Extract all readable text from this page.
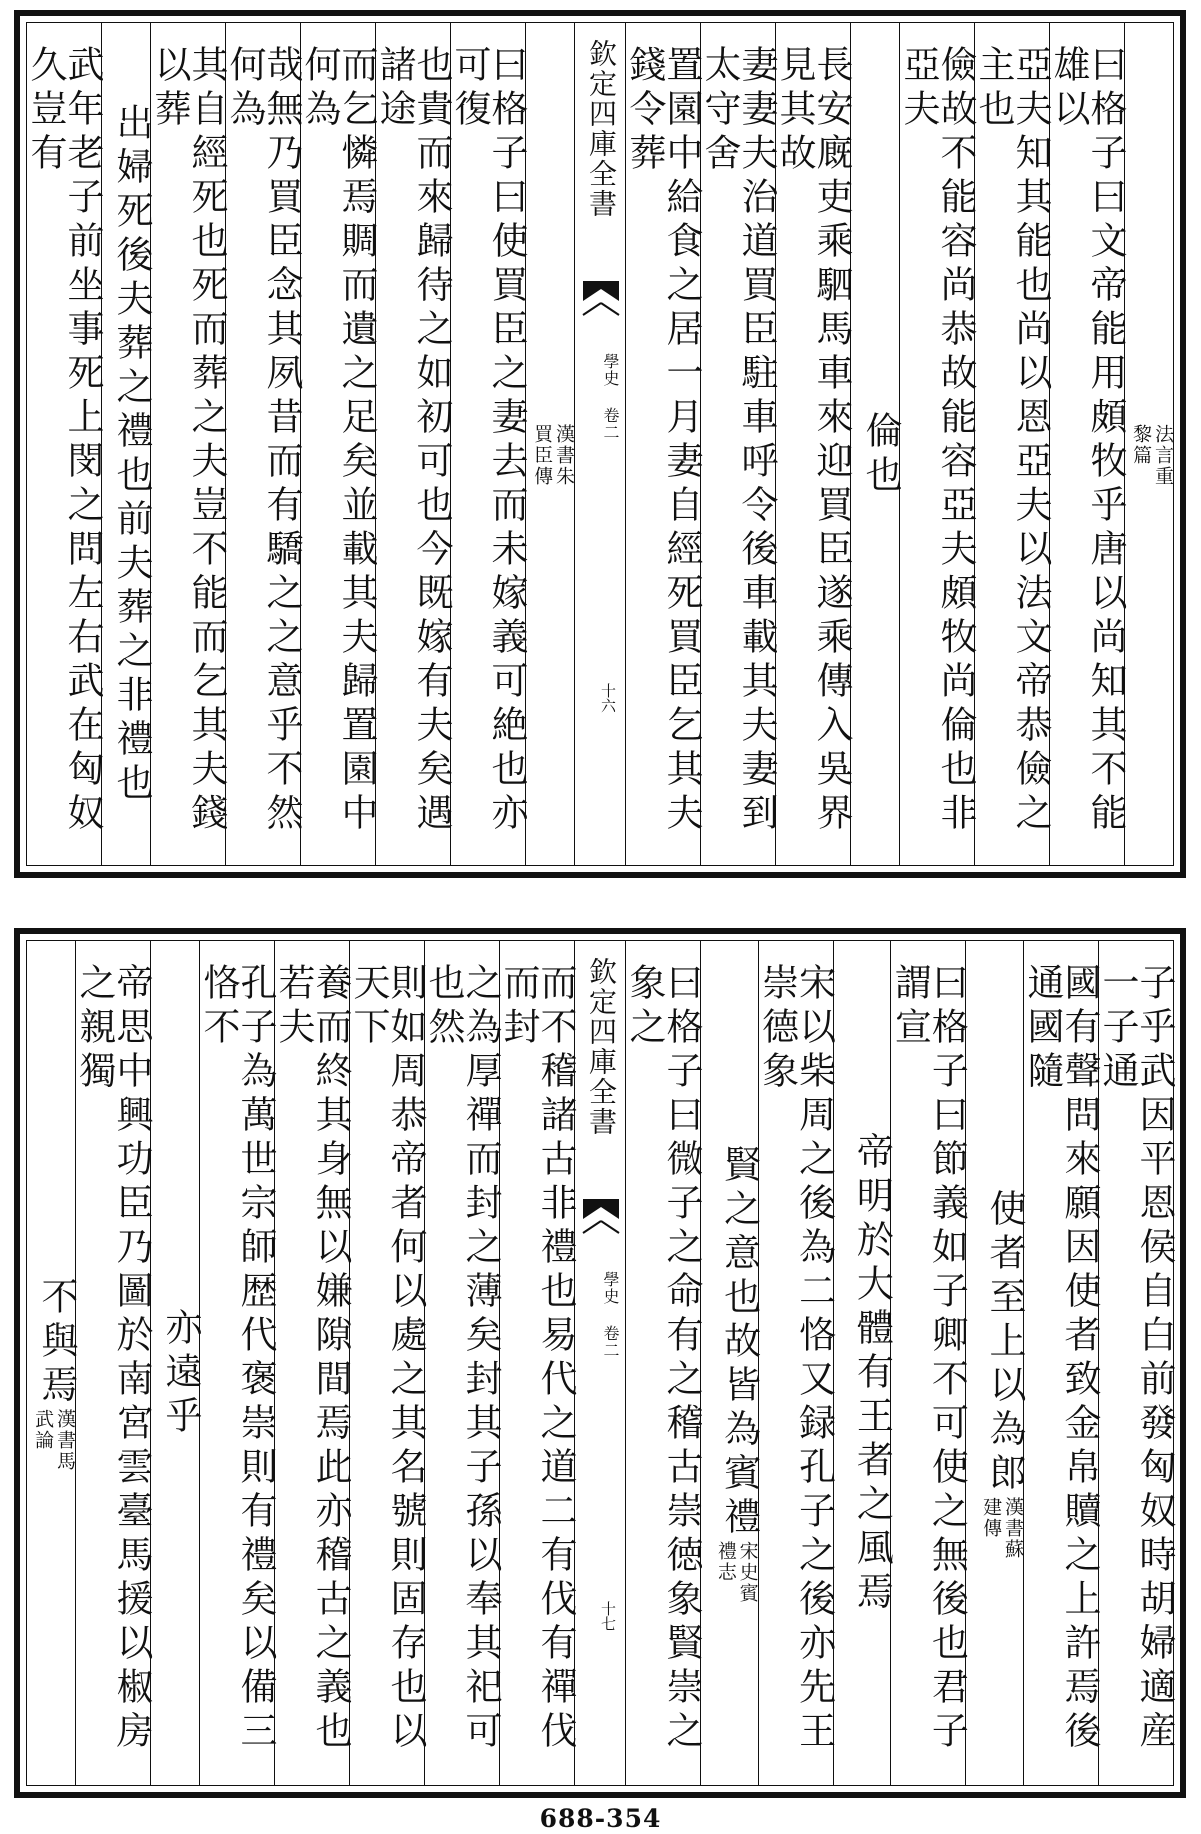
法言重
黎篇
曰格子曰文帝能用頗牧乎唐以尚知其不能雄以
亞夫知其能也尚以恩亞夫以法文帝恭儉之主也
儉故不能容尚恭故能容亞夫頗牧尚倫也非亞夫
倫也
長安廐吏乘駟馬車來迎買臣遂乘傳入吳界見其故
妻妻夫治道買臣駐車呼令後車載其夫妻到太守舍
置園中給食之居一月妻自經死買臣乞其夫錢令葬
欽定四庫全書
學史 卷二
十六
漢書朱
買臣傳
曰格子曰使買臣之妻去而未嫁義可絶也亦可復
也貴而來歸待之如初可也今既嫁有夫矣遇諸途
而乞憐焉賙而遺之足矣並載其夫歸置園中何為
哉無乃買臣念其夙昔而有驕之之意乎不然何為
其自經死也死而葬之夫豈不能而乞其夫錢以葬
出婦死後夫葬之禮也前夫葬之非禮也
武年老子前坐事死上閔之問左右武在匈奴久豈有
子乎武因平恩侯自白前發匈奴時胡婦適産一子通
國有聲問來願因使者致金帛贖之上許焉後通國隨
使者至上以為郎
漢書蘇
建傳
曰格子曰節義如子卿不可使之無後也君子謂宣
帝明於大體有王者之風焉
宋以柴周之後為二恪又録孔子之後亦先王崇德象
賢之意也故皆為賓禮
宋史賓
禮志
曰格子曰微子之命有之稽古崇徳象賢崇之象之
欽定四庫全書
學史 卷二
十七
而不稽諸古非禮也易代之道二有伐有禪伐而封
之為厚禪而封之薄矣封其子孫以奉其祀可也然
則如周恭帝者何以處之其名號則固存也以天下
養而終其身無以嫌隙間焉此亦稽古之義也若夫
孔子為萬世宗師歴代褒崇則有禮矣以備三恪不
亦遠乎
帝思中興功臣乃圖於南宮雲臺馬援以椒房之親獨
不與焉
漢書馬
武論
688-354
